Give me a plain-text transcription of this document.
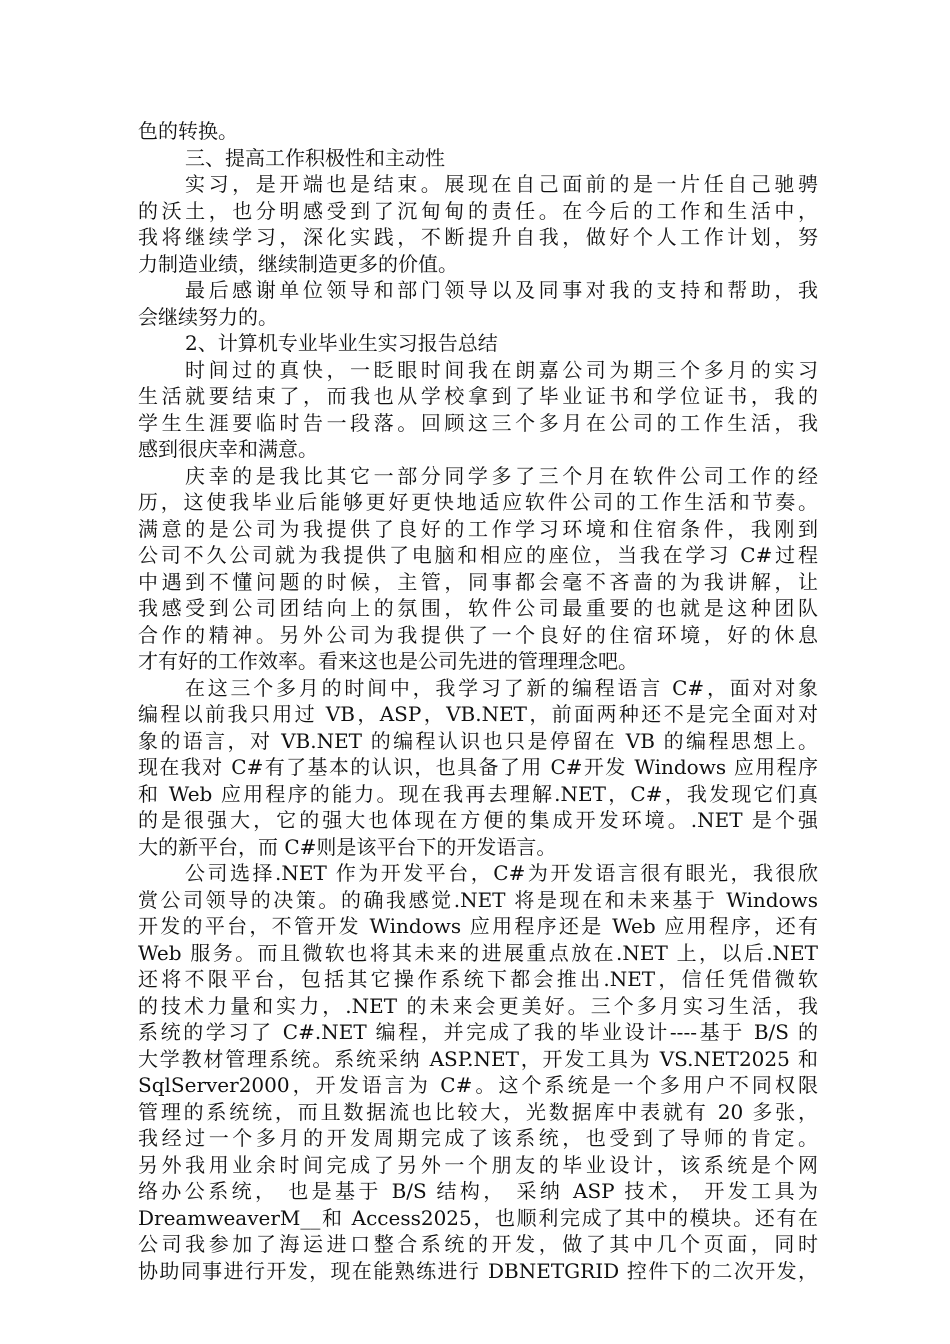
色的转换。
三、提高工作积极性和主动性
实习，是开端也是结束。展现在自己面前的是一片任自己驰骋
的沃土，也分明感受到了沉甸甸的责任。在今后的工作和生活中，
我将继续学习，深化实践，不断提升自我，做好个人工作计划，努
力制造业绩，继续制造更多的价值。
最后感谢单位领导和部门领导以及同事对我的支持和帮助，我
会继续努力的。
2、计算机专业毕业生实习报告总结
时间过的真快，一眨眼时间我在朗嘉公司为期三个多月的实习
生活就要结束了，而我也从学校拿到了毕业证书和学位证书，我的
学生生涯要临时告一段落。回顾这三个多月在公司的工作生活，我
感到很庆幸和满意。
庆幸的是我比其它一部分同学多了三个月在软件公司工作的经
历，这使我毕业后能够更好更快地适应软件公司的工作生活和节奏。
满意的是公司为我提供了良好的工作学习环境和住宿条件，我刚到
公司不久公司就为我提供了电脑和相应的座位，当我在学习 C#过程
中遇到不懂问题的时候，主管，同事都会毫不吝啬的为我讲解，让
我感受到公司团结向上的氛围，软件公司最重要的也就是这种团队
合作的精神。另外公司为我提供了一个良好的住宿环境，好的休息
才有好的工作效率。看来这也是公司先进的管理理念吧。
在这三个多月的时间中，我学习了新的编程语言 C#，面对对象
编程以前我只用过 VB，ASP，VB.NET，前面两种还不是完全面对对
象的语言，对 VB.NET 的编程认识也只是停留在 VB 的编程思想上。
现在我对 C#有了基本的认识，也具备了用 C#开发 Windows 应用程序
和 Web 应用程序的能力。现在我再去理解.NET，C#，我发现它们真
的是很强大，它的强大也体现在方便的集成开发环境。.NET 是个强
大的新平台，而 C#则是该平台下的开发语言。
公司选择.NET 作为开发平台，C#为开发语言很有眼光，我很欣
赏公司领导的决策。的确我感觉.NET 将是现在和未来基于 Windows
开发的平台，不管开发 Windows 应用程序还是 Web 应用程序，还有
Web 服务。而且微软也将其未来的进展重点放在.NET 上，以后.NET
还将不限平台，包括其它操作系统下都会推出.NET，信任凭借微软
的技术力量和实力，.NET 的未来会更美好。三个多月实习生活，我
系统的学习了 C#.NET 编程，并完成了我的毕业设计----基于 B/S 的
大学教材管理系统。系统采纳 ASP.NET，开发工具为 VS.NET2025 和
SqlServer2000，开发语言为 C#。这个系统是一个多用户不同权限
管理的系统统，而且数据流也比较大，光数据库中表就有 20 多张，
我经过一个多月的开发周期完成了该系统，也受到了导师的肯定。
另外我用业余时间完成了另外一个朋友的毕业设计，该系统是个网
络办公系统， 也是基于 B/S 结构， 采纳 ASP 技术， 开发工具为
DreamweaverM__和 Access2025，也顺利完成了其中的模块。还有在
公司我参加了海运进口整合系统的开发，做了其中几个页面，同时
协助同事进行开发，现在能熟练进行 DBNETGRID 控件下的二次开发，
